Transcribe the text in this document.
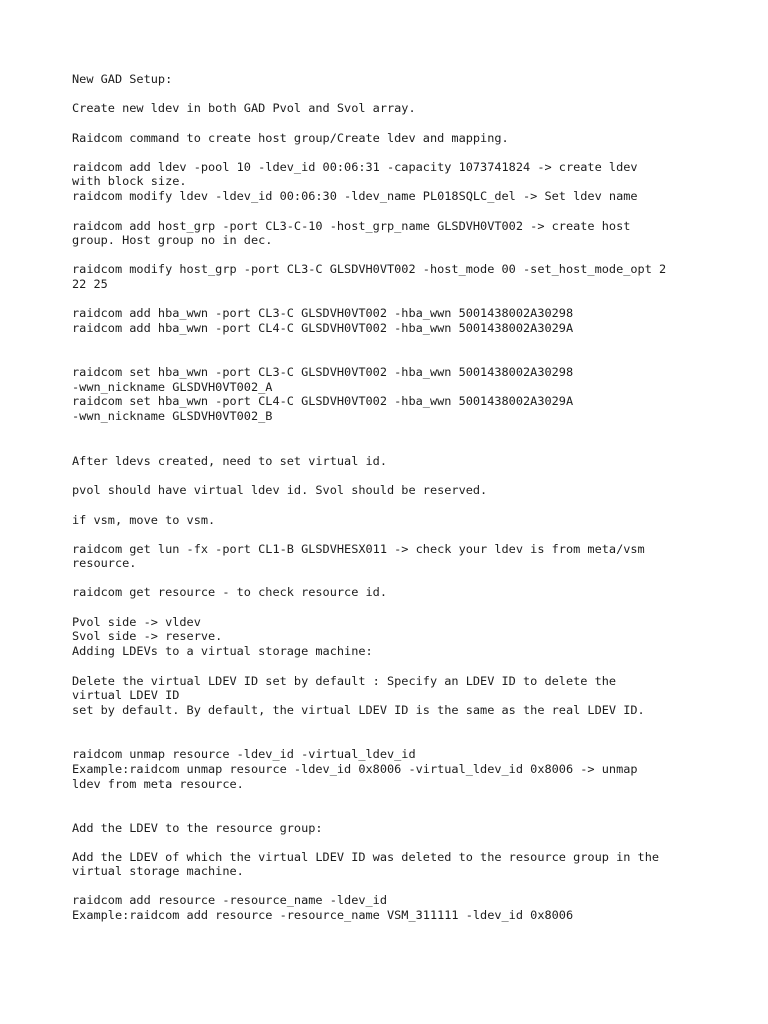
New GAD Setup:

Create new ldev in both GAD Pvol and Svol array.

Raidcom command to create host group/Create ldev and mapping.

raidcom add ldev -pool 10 -ldev_id 00:06:31 -capacity 1073741824 -> create ldev

with block size.

raidcom modify ldev -ldev_id 00:06:30 -ldev_name PL018SQLC_del -> Set ldev name

raidcom add host_grp -port CL3-C-10 -host_grp_name GLSDVH0VT002 -> create host

group. Host group no in dec.

raidcom modify host_grp -port CL3-C GLSDVH0VT002 -host_mode 00 -set_host_mode_opt 2

22 25

raidcom add hba_wwn -port CL3-C GLSDVH0VT002 -hba_wwn 5001438002A30298

raidcom add hba_wwn -port CL4-C GLSDVH0VT002 -hba_wwn 5001438002A3029A

raidcom set hba_wwn -port CL3-C GLSDVH0VT002 -hba_wwn 5001438002A30298

-wwn_nickname GLSDVH0VT002_A

raidcom set hba_wwn -port CL4-C GLSDVH0VT002 -hba_wwn 5001438002A3029A

-wwn_nickname GLSDVH0VT002_B

After ldevs created, need to set virtual id.

pvol should have virtual ldev id. Svol should be reserved.

if vsm, move to vsm.

raidcom get lun -fx -port CL1-B GLSDVHESX011 -> check your ldev is from meta/vsm

resource.

raidcom get resource - to check resource id.

Pvol side -> vldev

Svol side -> reserve.

Adding LDEVs to a virtual storage machine:

Delete the virtual LDEV ID set by default : Specify an LDEV ID to delete the

virtual LDEV ID

set by default. By default, the virtual LDEV ID is the same as the real LDEV ID.

raidcom unmap resource -ldev_id -virtual_ldev_id

Example:raidcom unmap resource -ldev_id 0x8006 -virtual_ldev_id 0x8006 -> unmap

ldev from meta resource.

Add the LDEV to the resource group:

Add the LDEV of which the virtual LDEV ID was deleted to the resource group in the

virtual storage machine.

raidcom add resource -resource_name -ldev_id

Example:raidcom add resource -resource_name VSM_311111 -ldev_id 0x8006
